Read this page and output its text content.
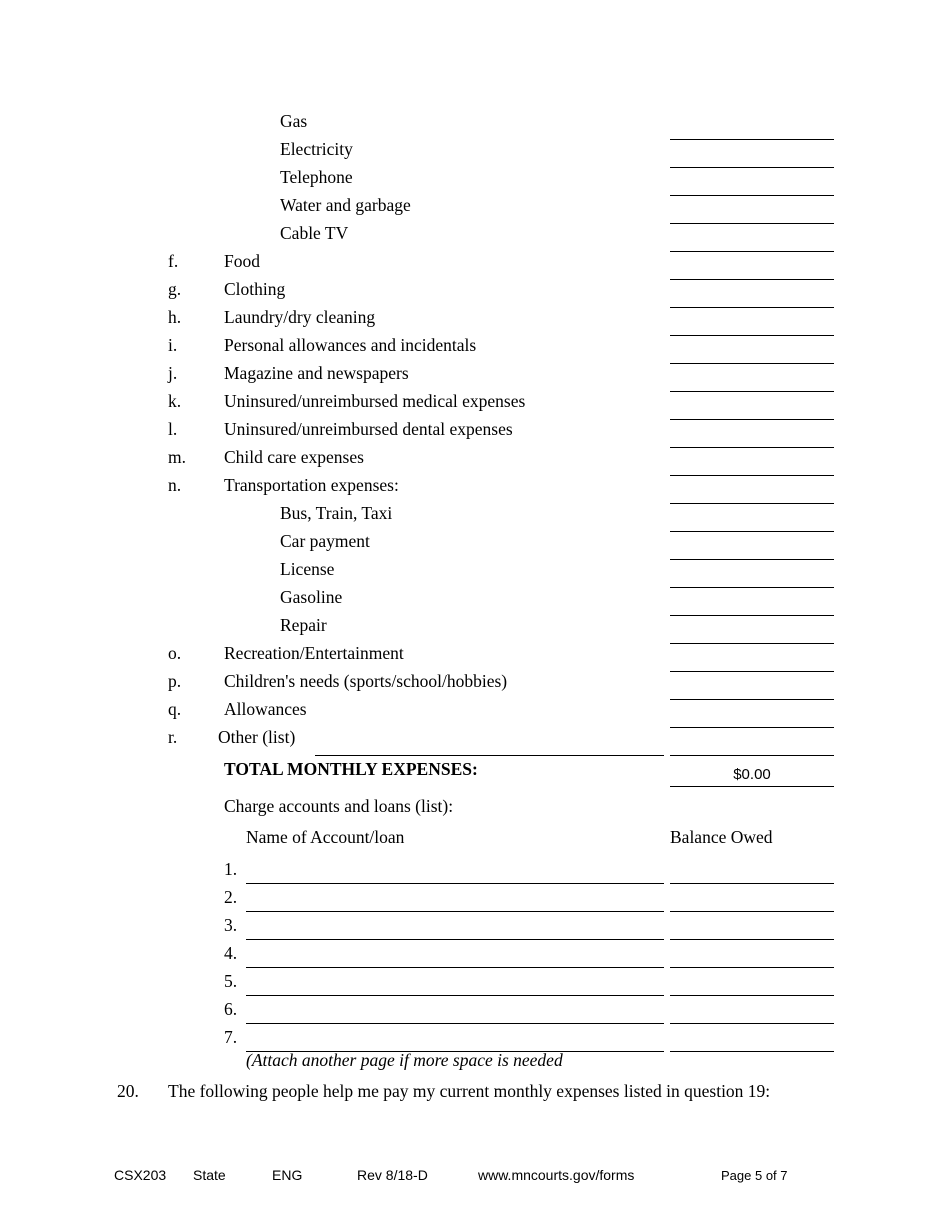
Gas
Electricity
Telephone
Water and garbage
Cable TV
f.	Food
g. Clothing
h. Laundry/dry cleaning
i.	Personal allowances and incidentals
j.	Magazine and newspapers
k. Uninsured/unreimbursed medical expenses
l.	Uninsured/unreimbursed dental expenses
m. Child care expenses
n. Transportation expenses:
Bus, Train, Taxi
Car payment
License
Gasoline
Repair
o. Recreation/Entertainment
p. Children's needs (sports/school/hobbies)
q. Allowances
r. Other (list)
TOTAL MONTHLY EXPENSES:	$0.00
Charge accounts and loans (list):
Name of Account/loan	Balance Owed
1.
2.
3.
4.
5.
6.
7.
(Attach another page if more space is needed
20. The following people help me pay my current monthly expenses listed in question 19:
CSX203 State	ENG	Rev 8/18-D	www.mncourts.gov/forms	Page 5 of 7
